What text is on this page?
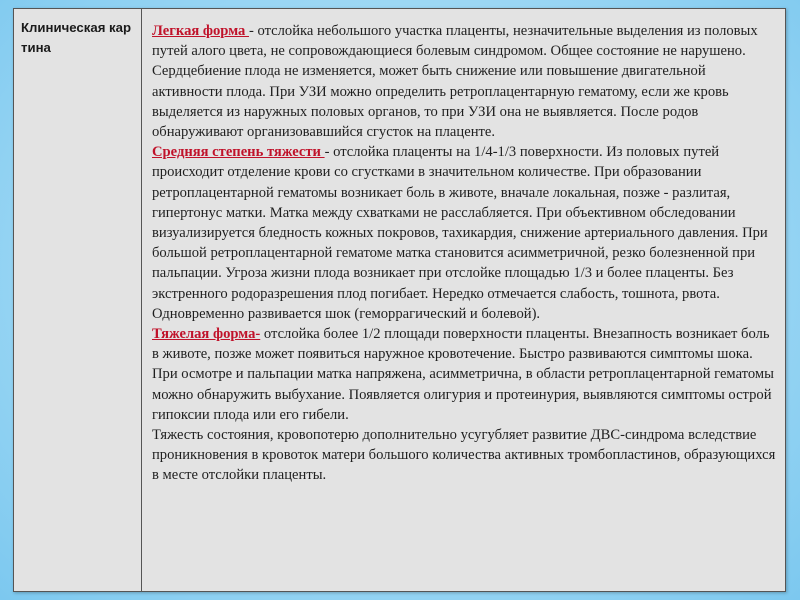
Клиническая картина

Легкая форма - отслойка небольшого участка плаценты, незначительные выделения из половых путей алого цвета, не сопровождающиеся болевым синдромом. Общее состояние не нарушено. Сердцебиение плода не изменяется, может быть снижение или повышение двигательной активности плода. При УЗИ можно определить ретроплацентарную гематому, если же кровь выделяется из наружных половых органов, то при УЗИ она не выявляется. После родов обнаруживают организовавшийся сгусток на плаценте.
Средняя степень тяжести - отслойка плаценты на 1/4-1/3 поверхности. Из половых путей происходит отделение крови со сгустками в значительном количестве. При образовании ретроплацентарной гематомы возникает боль в животе, вначале локальная, позже - разлитая, гипертонус матки. Матка между схватками не расслабляется. При объективном обследовании визуализируется бледность кожных покровов, тахикардия, снижение артериального давления. При большой ретроплацентарной гематоме матка становится асимметричной, резко болезненной при пальпации. Угроза жизни плода возникает при отслойке площадью 1/3 и более плаценты. Без экстренного родоразрешения плод погибает. Нередко отмечается слабость, тошнота, рвота. Одновременно развивается шок (геморрагический и болевой).
Тяжелая форма- отслойка более 1/2 площади поверхности плаценты. Внезапность возникает боль в животе, позже может появиться наружное кровотечение. Быстро развиваются симптомы шока. При осмотре и пальпации матка напряжена, асимметрична, в области ретроплацентарной гематомы можно обнаружить выбухание. Появляется олигурия и протеинурия, выявляются симптомы острой гипоксии плода или его гибели.
Тяжесть состояния, кровопотерю дополнительно усугубляет развитие ДВС-синдрома вследствие проникновения в кровоток матери большого количества активных тромбопластинов, образующихся в месте отслойки плаценты.
